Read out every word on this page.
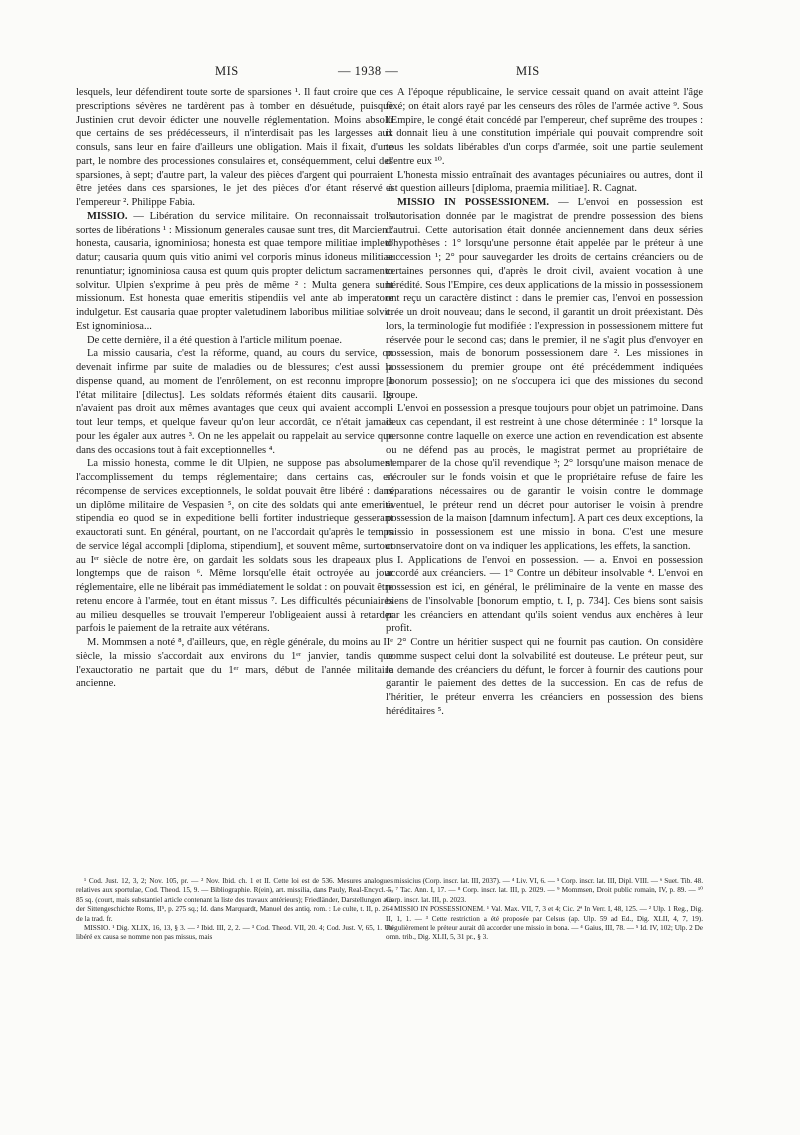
MIS	— 1938 —	MIS

lesquels, leur défendirent toute sorte de sparsiones ¹. Il faut croire que ces prescriptions sévères ne tardèrent pas à tomber en désuétude, puisque Justinien crut devoir édicter une nouvelle réglementation. Moins absolu que certains de ses prédécesseurs, il n'interdisait pas les largesses aux consuls, sans leur en faire d'ailleurs une obligation. Mais il fixait, d'une part, le nombre des processiones consulaires et, conséquemment, celui des sparsiones, à sept; d'autre part, la valeur des pièces d'argent qui pourraient être jetées dans ces sparsiones, le jet des pièces d'or étant réservé à l'empereur ². Philippe Fabia.

MISSIO. — Libération du service militaire. On reconnaissait trois sortes de libérations ¹ : Missionum generales causae sunt tres, dit Marcien : honesta, causaria, ignominiosa; honesta est quae tempore militiae impleto datur; causaria quum quis vitio animi vel corporis minus idoneus militiae renuntiatur; ignominiosa causa est quum quis propter delictum sacramento solvitur. Ulpien s'exprime à peu près de même ² : Multa genera sunt missionum. Est honesta quae emeritis stipendiis vel ante ab imperatore indulgetur. Est causaria quae propter valetudinem laboribus militiae solvit. Est ignominiosa...

De cette dernière, il a été question à l'article militum poenae.

La missio causaria, c'est la réforme, quand, au cours du service, on devenait infirme par suite de maladies ou de blessures; c'est aussi la dispense quand, au moment de l'enrôlement, on est reconnu impropre à l'état militaire [dilectus]. Les soldats réformés étaient dits causarii. Ils n'avaient pas droit aux mêmes avantages que ceux qui avaient accompli tout leur temps, et quelque faveur qu'on leur accordât, ce n'était jamais pour les égaler aux autres ³. On ne les appelait ou rappelait au service que dans des occasions tout à fait exceptionnelles ⁴.

La missio honesta, comme le dit Ulpien, ne suppose pas absolument l'accomplissement du temps réglementaire; dans certains cas, en récompense de services exceptionnels, le soldat pouvait être libéré : dans un diplôme militaire de Vespasien ⁵, on cite des soldats qui ante emerita stipendia eo quod se in expeditione belli fortiter industrieque gesserant exauctorati sunt. En général, pourtant, on ne l'accordait qu'après le temps de service légal accompli [diploma, stipendium], et souvent même, surtout au Iᵉʳ siècle de notre ère, on gardait les soldats sous les drapeaux plus longtemps que de raison ⁶. Même lorsqu'elle était octroyée au jour réglementaire, elle ne libérait pas immédiatement le soldat : on pouvait être retenu encore à l'armée, tout en étant missus ⁷. Les difficultés pécuniaires au milieu desquelles se trouvait l'empereur l'obligeaient aussi à retarder parfois le paiement de la retraite aux vétérans.

M. Mommsen a noté ⁸, d'ailleurs, que, en règle générale, du moins au IIᵉ siècle, la missio s'accordait aux environs du 1ᵉʳ janvier, tandis que l'exauctoratio ne partait que du 1ᵉʳ mars, début de l'année militaire ancienne.

A l'époque républicaine, le service cessait quand on avait atteint l'âge fixé; on était alors rayé par les censeurs des rôles de l'armée active ⁹. Sous l'Empire, le congé était concédé par l'empereur, chef suprême des troupes : il donnait lieu à une constitution impériale qui pouvait comprendre soit tous les soldats libérables d'un corps d'armée, soit une partie seulement d'entre eux ¹⁰.

L'honesta missio entraînait des avantages pécuniaires ou autres, dont il est question ailleurs [diploma, praemia militiae]. R. Cagnat.

MISSIO IN POSSESSIONEM. — L'envoi en possession est l'autorisation donnée par le magistrat de prendre possession des biens d'autrui. Cette autorisation était donnée anciennement dans deux séries d'hypothèses : 1° lorsqu'une personne était appelée par le préteur à une succession ¹; 2° pour sauvegarder les droits de certains créanciers ou de certaines personnes qui, d'après le droit civil, avaient vocation à une hérédité. Sous l'Empire, ces deux applications de la missio in possessionem ont reçu un caractère distinct : dans le premier cas, l'envoi en possession crée un droit nouveau; dans le second, il garantit un droit préexistant. Dès lors, la terminologie fut modifiée : l'expression in possessionem mittere fut réservée pour le second cas; dans le premier, il ne s'agit plus d'envoyer en possession, mais de bonorum possessionem dare ². Les missiones in possessionem du premier groupe ont été précédemment indiquées [bonorum possessio]; on ne s'occupera ici que des missiones du second groupe.

L'envoi en possession a presque toujours pour objet un patrimoine. Dans deux cas cependant, il est restreint à une chose déterminée : 1° lorsque la personne contre laquelle on exerce une action en revendication est absente ou ne défend pas au procès, le magistrat permet au propriétaire de s'emparer de la chose qu'il revendique ³; 2° lorsqu'une maison menace de s'écrouler sur le fonds voisin et que le propriétaire refuse de faire les réparations nécessaires ou de garantir le voisin contre le dommage éventuel, le préteur rend un décret pour autoriser le voisin à prendre possession de la maison [damnum infectum]. A part ces deux exceptions, la missio in possessionem est une missio in bona. C'est une mesure conservatoire dont on va indiquer les applications, les effets, la sanction.

I. Applications de l'envoi en possession. — a. Envoi en possession accordé aux créanciers. — 1° Contre un débiteur insolvable ⁴. L'envoi en possession est ici, en général, le préliminaire de la vente en masse des biens de l'insolvable [bonorum emptio, t. I, p. 734]. Ces biens sont saisis par les créanciers en attendant qu'ils soient vendus aux enchères à leur profit.

2° Contre un héritier suspect qui ne fournit pas caution. On considère comme suspect celui dont la solvabilité est douteuse. Le préteur peut, sur la demande des créanciers du défunt, le forcer à fournir des cautions pour garantir le paiement des dettes de la succession. En cas de refus de l'héritier, le préteur enverra les créanciers en possession des biens héréditaires ⁵.

¹ Cod. Just. 12, 3, 2; Nov. 105, pr. — ² Nov. Ibid. ch. 1 et II. Cette loi est de 536. Mesures analogues relatives aux sportulae, Cod. Theod. 15, 9. — Bibliographie. R(ein), art. missilia, dans Pauly, Real-Encycl. 5, 85 sq. (court, mais substantiel article contenant la liste des travaux antérieurs); Friedländer, Darstellungen aus der Sittengeschichte Roms, II⁵, p. 275 sq.; Id. dans Marquardt, Manuel des antiq. rom. : Le culte, t. II, p. 264 de la trad. fr.

MISSIO. ¹ Dig. XLIX, 16, 13, § 3. — ² Ibid. III, 2, 2. — ³ Cod. Theod. VII, 20. 4; Cod. Just. V, 65, 1. Un libéré ex causa se nomme non pas missus, mais

missicius (Corp. inscr. lat. III, 2037). — ⁴ Liv. VI, 6. — ⁵ Corp. inscr. lat. III, Dipl. VIII. — ⁶ Suet. Tib. 48. — ⁷ Tac. Ann. I, 17. — ⁸ Corp. inscr. lat. III, p. 2029. — ⁹ Mommsen, Droit public romain, IV, p. 89. — ¹⁰ Corp. inscr. lat. III, p. 2023.

MISSIO IN POSSESSIONEM. ¹ Val. Max. VII, 7, 3 et 4; Cic. 2ª In Verr. I, 48, 125. — ² Ulp. 1 Reg., Dig. II, 1, 1. — ³ Cette restriction a été proposée par Celsus (ap. Ulp. 59 ad Ed., Dig. XLII, 4, 7, 19). Régulièrement le préteur aurait dû accorder une missio in bona. — ⁴ Gaius, III, 78. — ⁵ Id. IV, 102; Ulp. 2 De omn. trib., Dig. XLII, 5, 31 pr., § 3.
